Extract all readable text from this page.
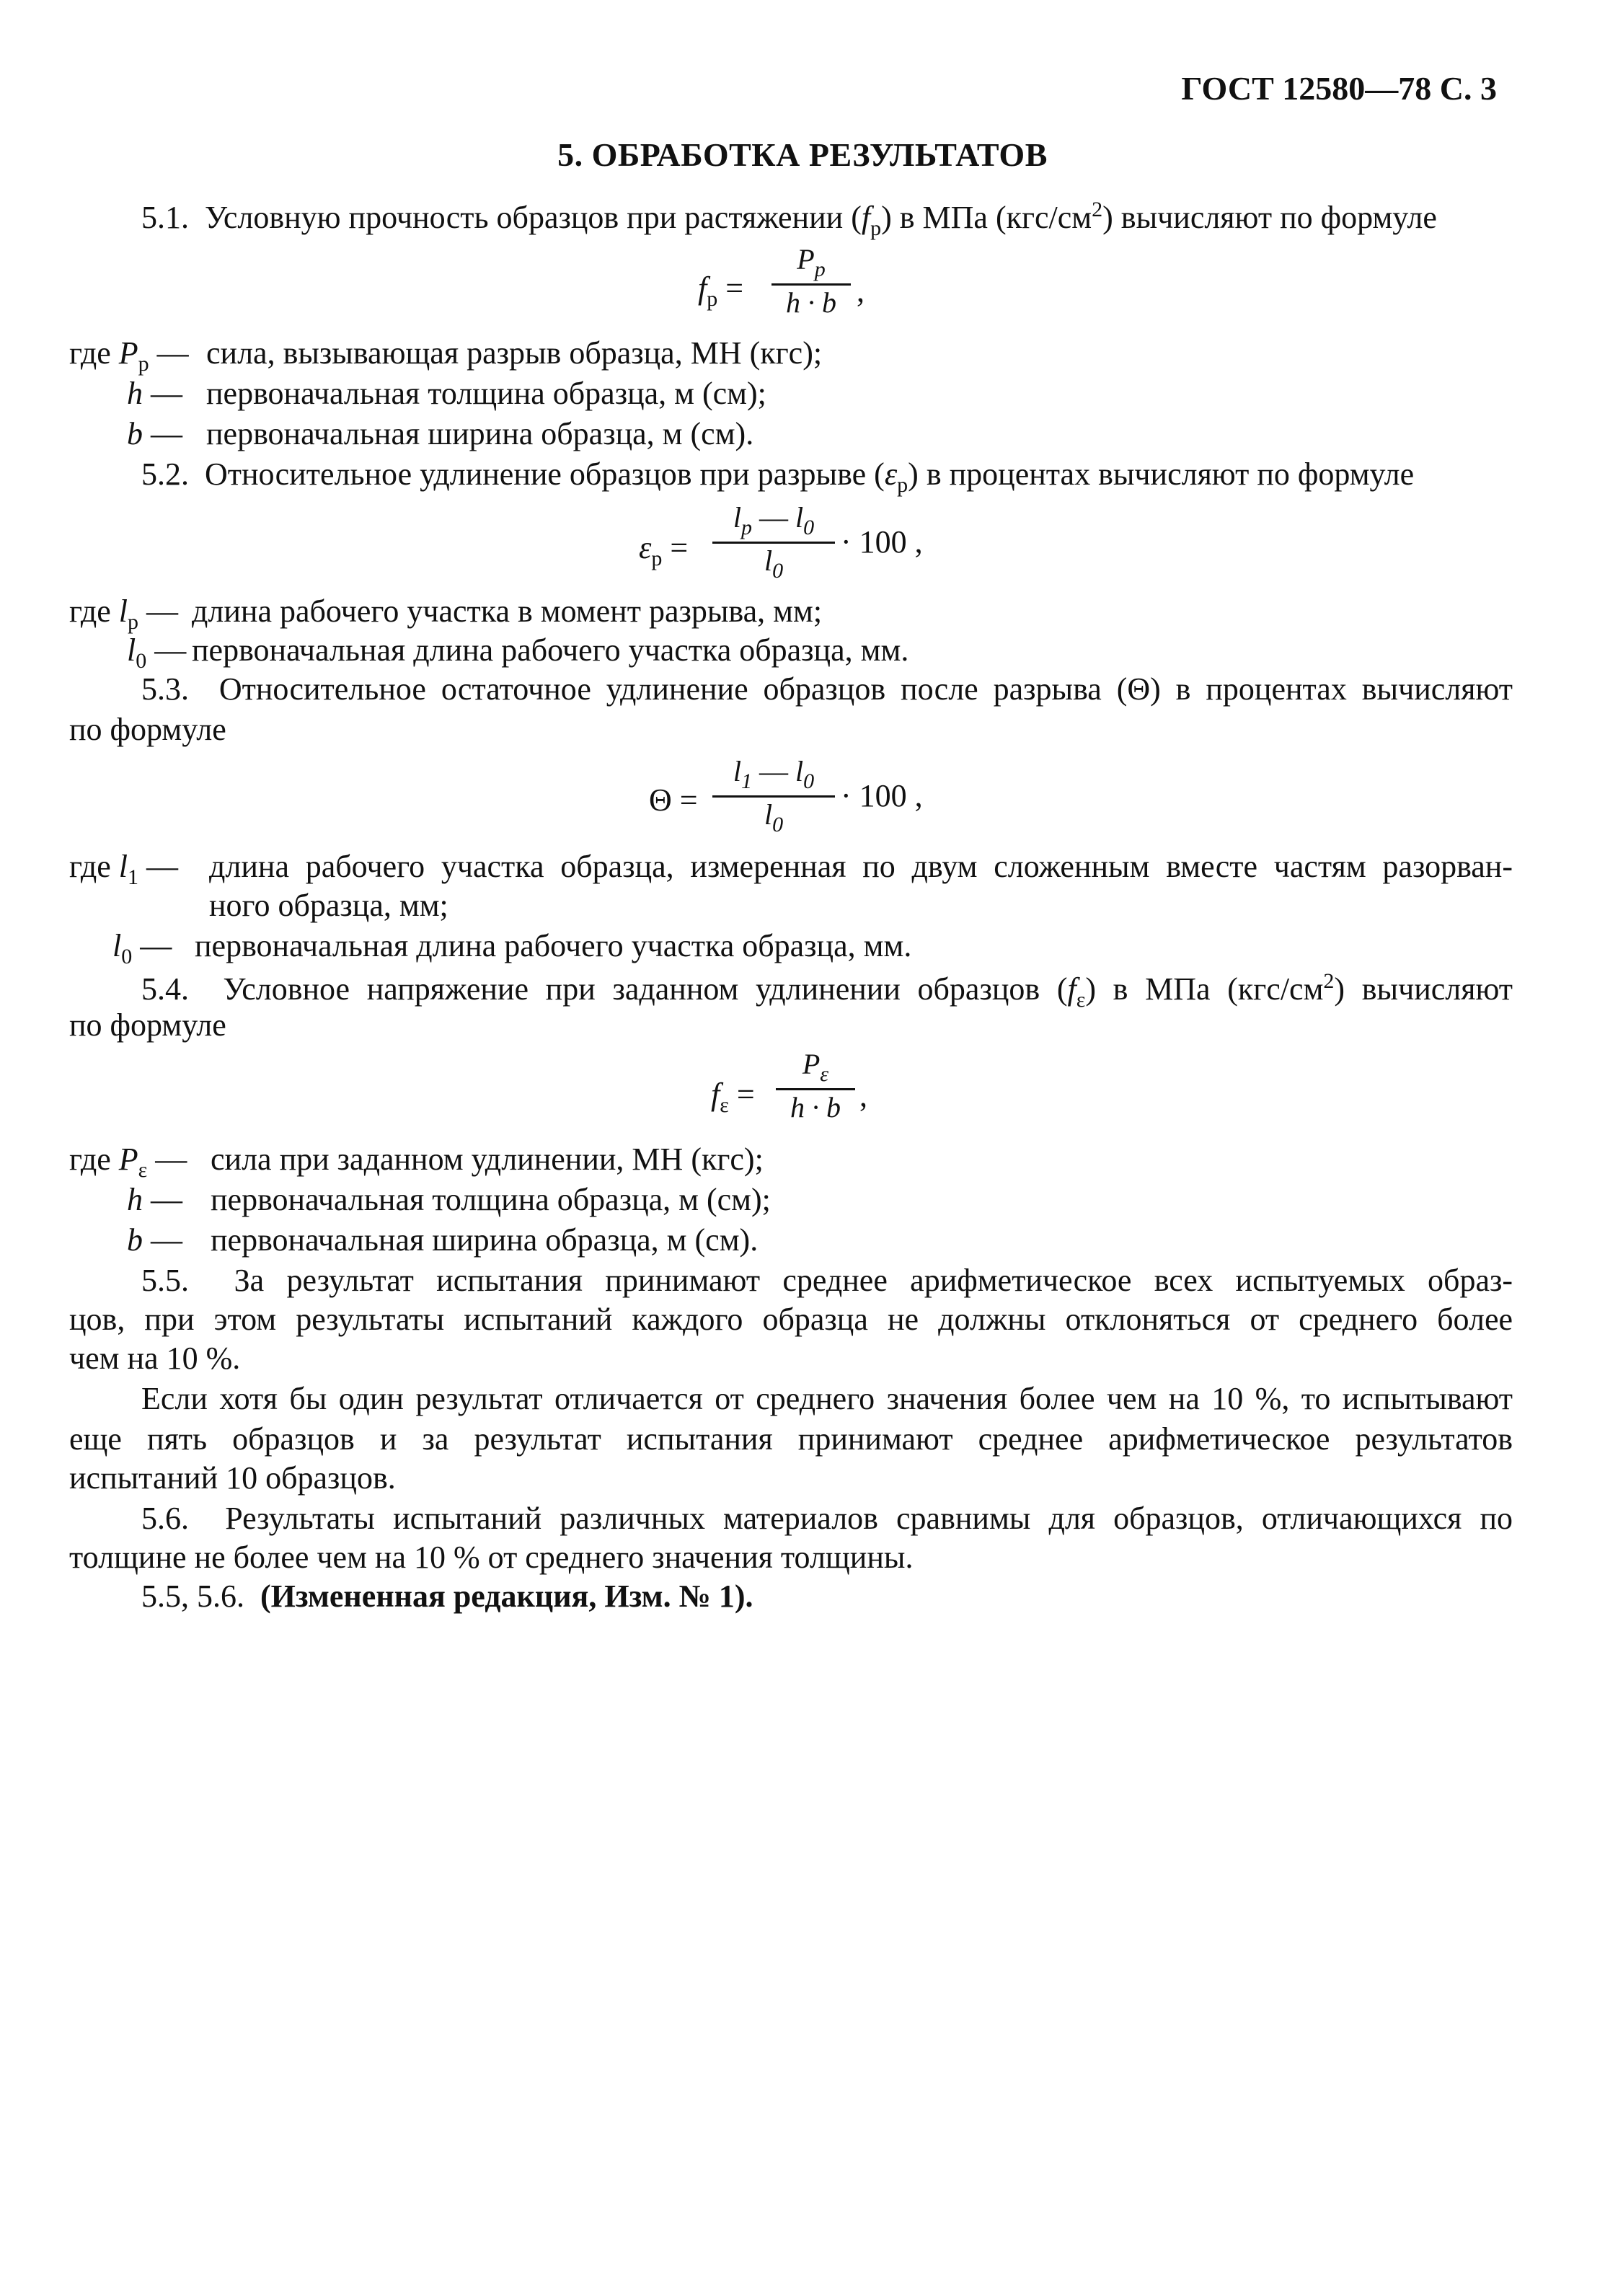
ГОСТ 12580—78 С. 3
5. ОБРАБОТКА РЕЗУЛЬТАТОВ
5.1. Условную прочность образцов при растяжении $(f_р)$ в МПа $(кгс/см^2)$ вычисляют по формуле
$f_р$ =
$P_р$
h · b ,
где $P_р$ — сила, вызывающая разрыв образца, МН (кгс);
h — первоначальная толщина образца, м (см);
b — первоначальная ширина образца, м (см).
5.2. Относительное удлинение образцов при разрыве $(\varepsilon_р)$ в процентах вычисляют по формуле
$\varepsilon_р$ =
$l_р$ — $l_0$
$l_0$
· 100 ,
где $l_р$ — длина рабочего участка в момент разрыва, мм;
$l_0$ — первоначальная длина рабочего участка образца, мм.
5.3. Относительное остаточное удлинение образцов после разрыва (Θ) в процентах вычисляют
по формуле
Θ =
$l_1$ — $l_0$
$l_0$
· 100 ,
где $l_1$ — длина рабочего участка образца, измеренная по двум сложенным вместе частям разорван-
ного образца, мм;
$l_0$ — первоначальная длина рабочего участка образца, мм.
5.4. Условное напряжение при заданном удлинении образцов $(f_\varepsilon)$ в МПа $(кгс/см^2)$ вычисляют
по формуле
$f_\varepsilon$ =
$P_\varepsilon$
h · b ,
где $P_\varepsilon$ — сила при заданном удлинении, МН (кгс);
h — первоначальная толщина образца, м (см);
b — первоначальная ширина образца, м (см).
5.5. За результат испытания принимают среднее арифметическое всех испытуемых образ-
цов, при этом результаты испытаний каждого образца не должны отклоняться от среднего более
чем на 10 %.
Если хотя бы один результат отличается от среднего значения более чем на 10 %, то испытывают
еще пять образцов и за результат испытания принимают среднее арифметическое результатов
испытаний 10 образцов.
5.6. Результаты испытаний различных материалов сравнимы для образцов, отличающихся по
толщине не более чем на 10 % от среднего значения толщины.
5.5, 5.6. (Измененная редакция, Изм. № 1).
